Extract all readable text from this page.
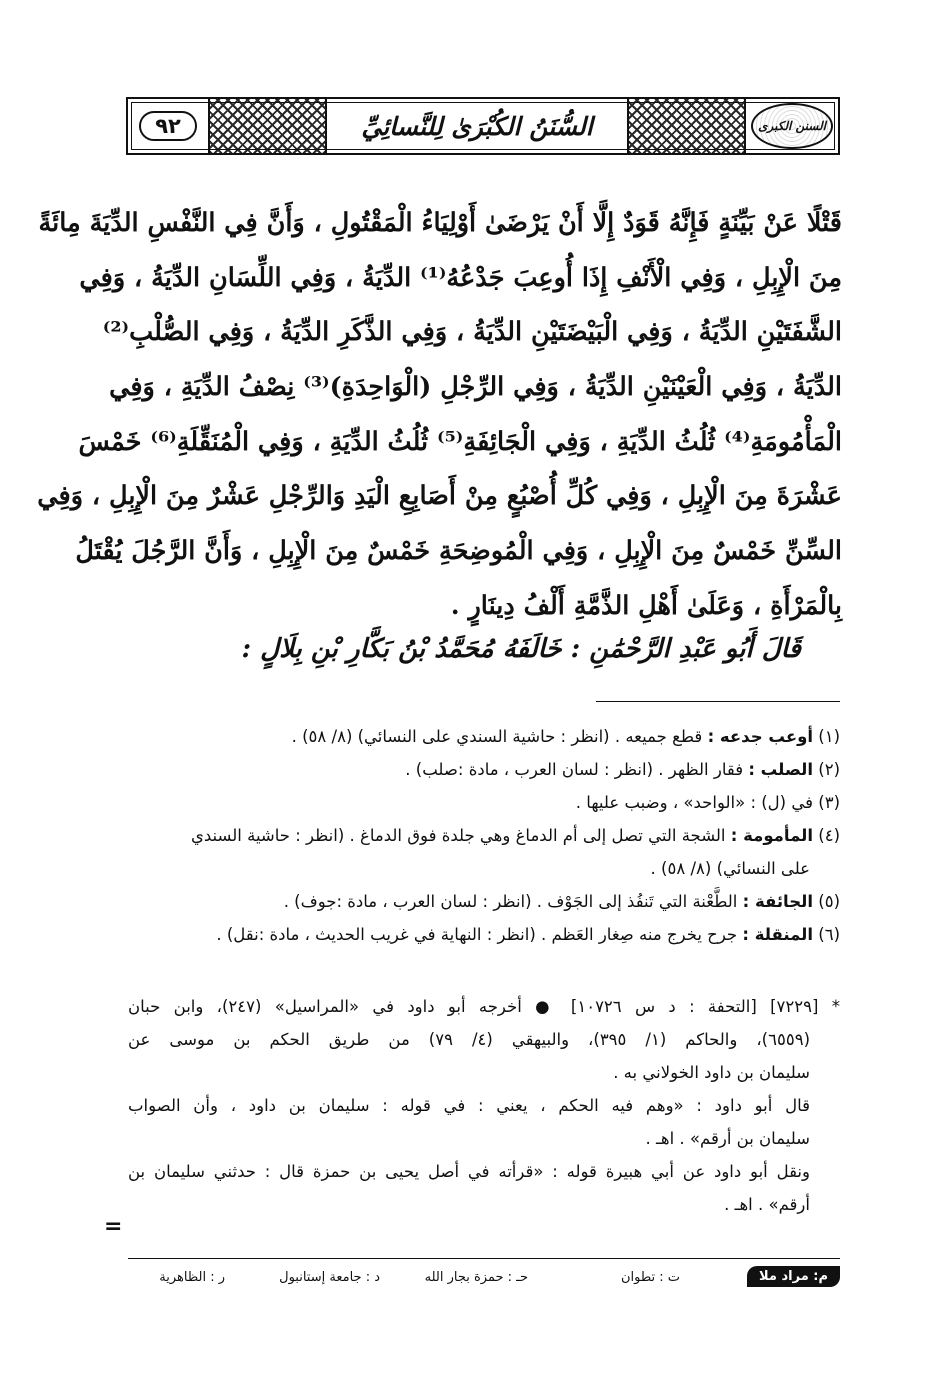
٩٢	السُّنَنُ الكُبْرَىٰ لِلنَّسائِيِّ	السنن الكبرى
قَتْلًا عَنْ بَيِّنَةٍ فَإِنَّهُ قَوَدٌ إِلَّا أَنْ يَرْضَىٰ أَوْلِيَاءُ الْمَقْتُولِ ، وَأَنَّ فِي النَّفْسِ الدِّيَةَ مِائَةً
مِنَ الْإِبِلِ ، وَفِي الْأَنْفِ إِذَا أُوعِبَ جَدْعُهُ⁽¹⁾ الدِّيَةُ ، وَفِي اللِّسَانِ الدِّيَةُ ، وَفِي
الشَّفَتَيْنِ الدِّيَةُ ، وَفِي الْبَيْضَتَيْنِ الدِّيَةُ ، وَفِي الذَّكَرِ الدِّيَةُ ، وَفِي الصُّلْبِ⁽²⁾
الدِّيَةُ ، وَفِي الْعَيْنَيْنِ الدِّيَةُ ، وَفِي الرِّجْلِ (الْوَاحِدَةِ)⁽³⁾ نِصْفُ الدِّيَةِ ، وَفِي
الْمَأْمُومَةِ⁽⁴⁾ ثُلُثُ الدِّيَةِ ، وَفِي الْجَائِفَةِ⁽⁵⁾ ثُلُثُ الدِّيَةِ ، وَفِي الْمُنَقِّلَةِ⁽⁶⁾ خَمْسَ
عَشْرَةَ مِنَ الْإِبِلِ ، وَفِي كُلِّ أُصْبُعٍ مِنْ أَصَابِعِ الْيَدِ وَالرِّجْلِ عَشْرٌ مِنَ الْإِبِلِ ، وَفِي
السِّنِّ خَمْسٌ مِنَ الْإِبِلِ ، وَفِي الْمُوضِحَةِ خَمْسٌ مِنَ الْإِبِلِ ، وَأَنَّ الرَّجُلَ يُقْتَلُ
بِالْمَرْأَةِ ، وَعَلَىٰ أَهْلِ الذَّمَّةِ أَلْفُ دِينَارٍ .
قَالَ أَبُو عَبْدِ الرَّحْمَٰنِ : خَالَفَهُ مُحَمَّدُ بْنُ بَكَّارِ بْنِ بِلَالٍ :
(١) أوعب جدعه : قطع جميعه . (انظر : حاشية السندي على النسائي) (٨/ ٥٨) .
(٢) الصلب : فقار الظهر . (انظر : لسان العرب ، مادة :صلب) .
(٣) في (ل) : «الواحد» ، وضبب عليها .
(٤) المأمومة : الشجة التي تصل إلى أم الدماغ وهي جلدة فوق الدماغ . (انظر : حاشية السندي
على النسائي) (٨/ ٥٨) .
(٥) الجائفة : الطَّعْنة التي تَنفُذ إلى الجَوْف . (انظر : لسان العرب ، مادة :جوف) .
(٦) المنقلة : جرح يخرج منه صِغار العَظم . (انظر : النهاية في غريب الحديث ، مادة :نقل) .
* [٧٢٢٩] [التحفة : د س ١٠٧٢٦] ● أخرجه أبو داود في «المراسيل» (٢٤٧)، وابن حبان
(٦٥٥٩)، والحاكم (١/ ٣٩٥)، والبيهقي (٤/ ٧٩) من طريق الحكم بن موسى عن
سليمان بن داود الخولاني به .
قال أبو داود : «وهم فيه الحكم ، يعني : في قوله : سليمان بن داود ، وأن الصواب
سليمان بن أرقم» . اهـ .
ونقل أبو داود عن أبي هبيرة قوله : «قرأته في أصل يحيى بن حمزة قال : حدثني سليمان بن
أرقم» . اهـ .
=
م: مراد ملا
ت : تطوان
حـ : حمزة بجار الله
د : جامعة إستانبول
ر : الظاهرية
